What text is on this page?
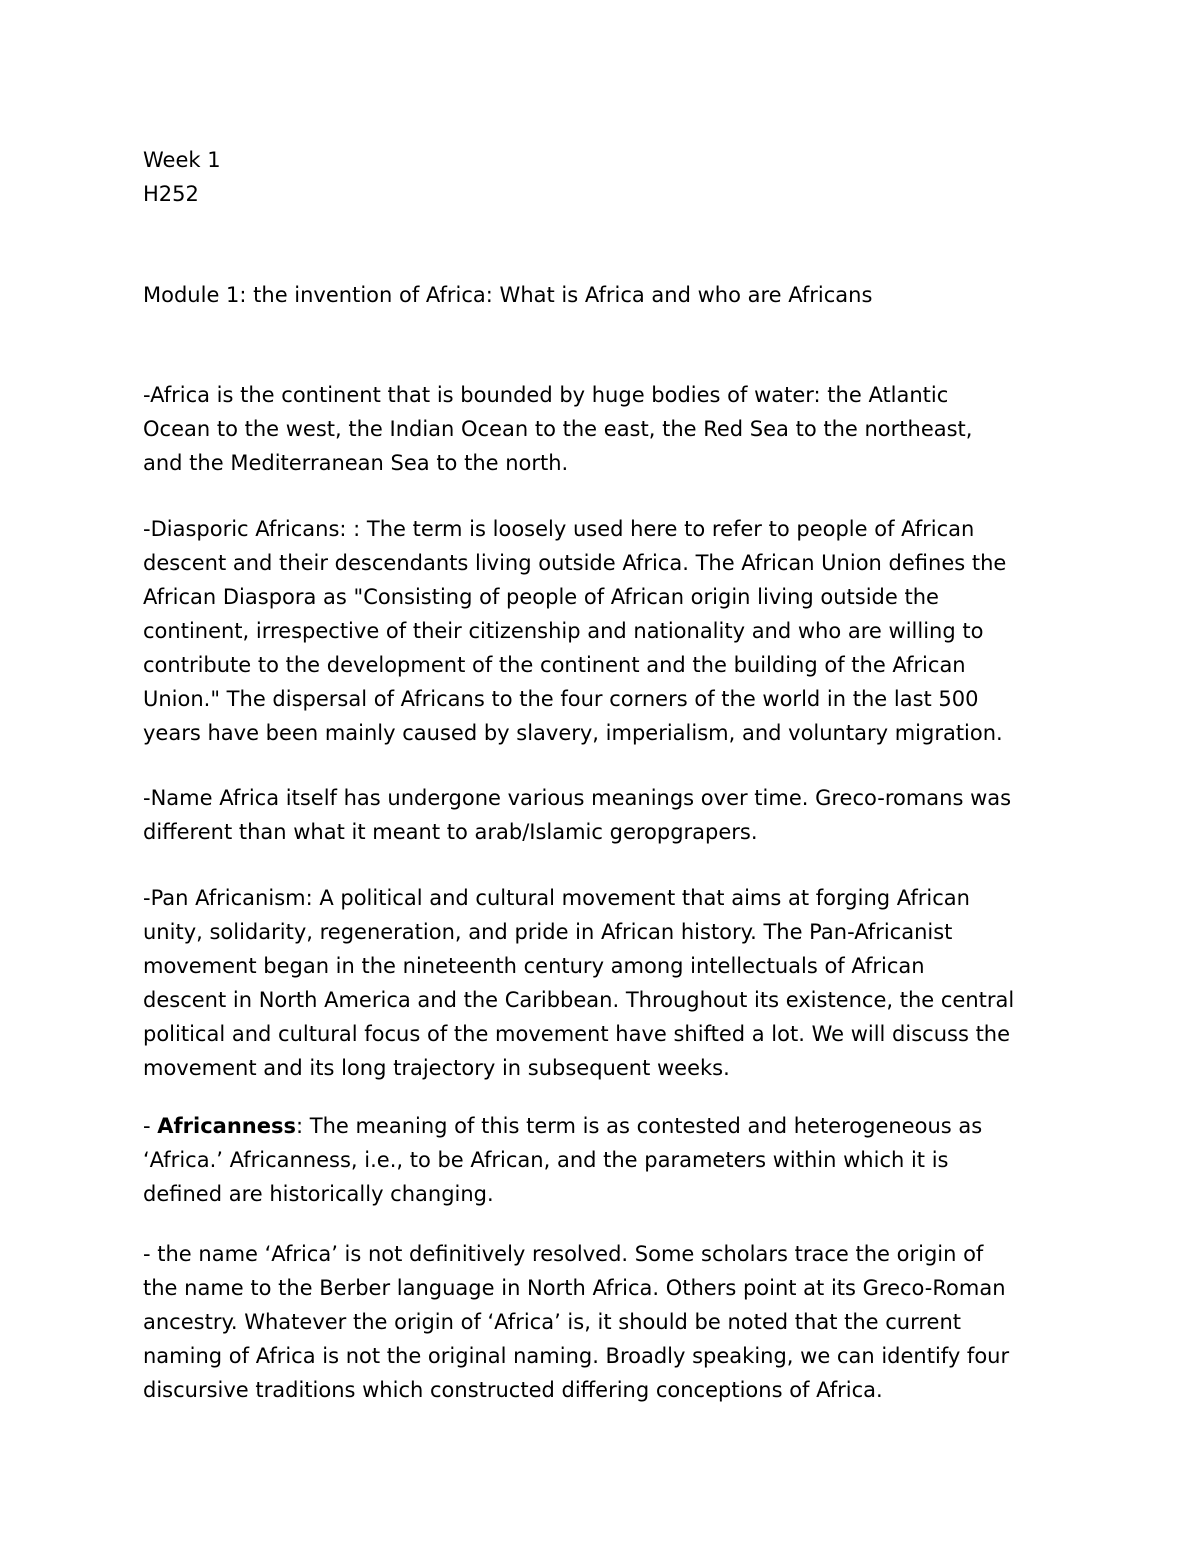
Week 1
H252
Module 1: the invention of Africa: What is Africa and who are Africans
-Africa is the continent that is bounded by huge bodies of water: the Atlantic
Ocean to the west, the Indian Ocean to the east, the Red Sea to the northeast,
and the Mediterranean Sea to the north.
-Diasporic Africans: : The term is loosely used here to refer to people of African
descent and their descendants living outside Africa. The African Union defines the
African Diaspora as "Consisting of people of African origin living outside the
continent, irrespective of their citizenship and nationality and who are willing to
contribute to the development of the continent and the building of the African
Union." The dispersal of Africans to the four corners of the world in the last 500
years have been mainly caused by slavery, imperialism, and voluntary migration.
-Name Africa itself has undergone various meanings over time. Greco-romans was
different than what it meant to arab/Islamic geropgrapers.
-Pan Africanism: A political and cultural movement that aims at forging African
unity, solidarity, regeneration, and pride in African history. The Pan-Africanist
movement began in the nineteenth century among intellectuals of African
descent in North America and the Caribbean. Throughout its existence, the central
political and cultural focus of the movement have shifted a lot. We will discuss the
movement and its long trajectory in subsequent weeks.
- Africanness: The meaning of this term is as contested and heterogeneous as
‘Africa.’ Africanness, i.e., to be African, and the parameters within which it is
defined are historically changing.
- the name ‘Africa’ is not definitively resolved. Some scholars trace the origin of
the name to the Berber language in North Africa. Others point at its Greco-Roman
ancestry. Whatever the origin of ‘Africa’ is, it should be noted that the current
naming of Africa is not the original naming. Broadly speaking, we can identify four
discursive traditions which constructed differing conceptions of Africa.
